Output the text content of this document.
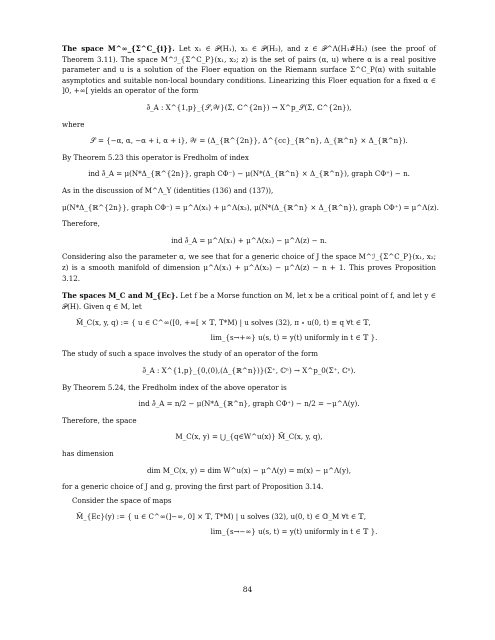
The space M^∞_{Σ^C_{i}}. Let x₁ ∈ 𝒫(H₁), x₂ ∈ 𝒫(H₂), and z ∈ 𝒫^Λ(H₁#H₂) (see the proof of Theorem 3.11). The space M^ℐ_{Σ^C_P}(x₁, x₂; z) is the set of pairs (α, u) where α is a real positive parameter and u is a solution of the Floer equation on the Riemann surface Σ^C_P(α) with suitable asymptotics and suitable non-local boundary conditions. Linearizing this Floer equation for a fixed α ∈ ]0, +∞[ yields an operator of the form

∂̄_A : X^{1,p}_{𝒮,𝒲}(Σ, ℂ^{2n}) → X^p_𝒮(Σ, ℂ^{2n}),

where

𝒮 = {−α, α, −α + i, α + i}, 𝒲 = (Δ_{ℝ^{2n}}, Δ^{cc}_{ℝ^n}, Δ_{ℝ^n} × Δ_{ℝ^n}).

By Theorem 5.23 this operator is Fredholm of index

ind ∂̄_A = μ(N*Δ_{ℝ^{2n}}, graph CΦ⁻) − μ(N*(Δ_{ℝ^n} × Δ_{ℝ^n}), graph CΦ⁺) − n.

As in the discussion of M^Λ_Υ (identities (136) and (137)),

μ(N*Δ_{ℝ^{2n}}, graph CΦ⁻) = μ^Λ(x₁) + μ^Λ(x₂), μ(N*(Δ_{ℝ^n} × Δ_{ℝ^n}), graph CΦ⁺) = μ^Λ(z).

Therefore,

ind ∂̄_A = μ^Λ(x₁) + μ^Λ(x₂) − μ^Λ(z) − n.

Considering also the parameter α, we see that for a generic choice of J the space M^ℐ_{Σ^C_P}(x₁, x₂; z) is a smooth manifold of dimension μ^Λ(x₁) + μ^Λ(x₂) − μ^Λ(z) − n + 1. This proves Proposition 3.12.

The spaces M_C and M_{Ec}. Let f be a Morse function on M, let x be a critical point of f, and let y ∈ 𝒫(H). Given q ∈ M, let

M̃_C(x, y, q) := { u ∈ C^∞([0, +∞[ × 𝕋, T*M) | u solves (32), π ∘ u(0, t) ≡ q ∀t ∈ 𝕋,
lim_{s→+∞} u(s, t) = y(t) uniformly in t ∈ 𝕋 }.

The study of such a space involves the study of an operator of the form

∂̄_A : X^{1,p}_{0,(0),(Δ_{ℝ^n})}(Σ⁺, ℂⁿ) → X^p_0(Σ⁺, ℂⁿ).

By Theorem 5.24, the Fredholm index of the above operator is

ind ∂̄_A = n/2 − μ(N*Δ_{ℝ^n}, graph CΦ⁺) − n/2 = −μ^Λ(y).

Therefore, the space

M_C(x, y) = ⋃_{q∈W^u(x)} M̃_C(x, y, q),

has dimension

dim M_C(x, y) = dim W^u(x) − μ^Λ(y) = m(x) − μ^Λ(y),

for a generic choice of J and g, proving the first part of Proposition 3.14.

Consider the space of maps

M̃_{Ec}(y) := { u ∈ C^∞(]−∞, 0] × 𝕋, T*M) | u solves (32), u(0, t) ∈ 𝕆_M ∀t ∈ 𝕋,
lim_{s→−∞} u(s, t) = y(t) uniformly in t ∈ 𝕋 }.
84
